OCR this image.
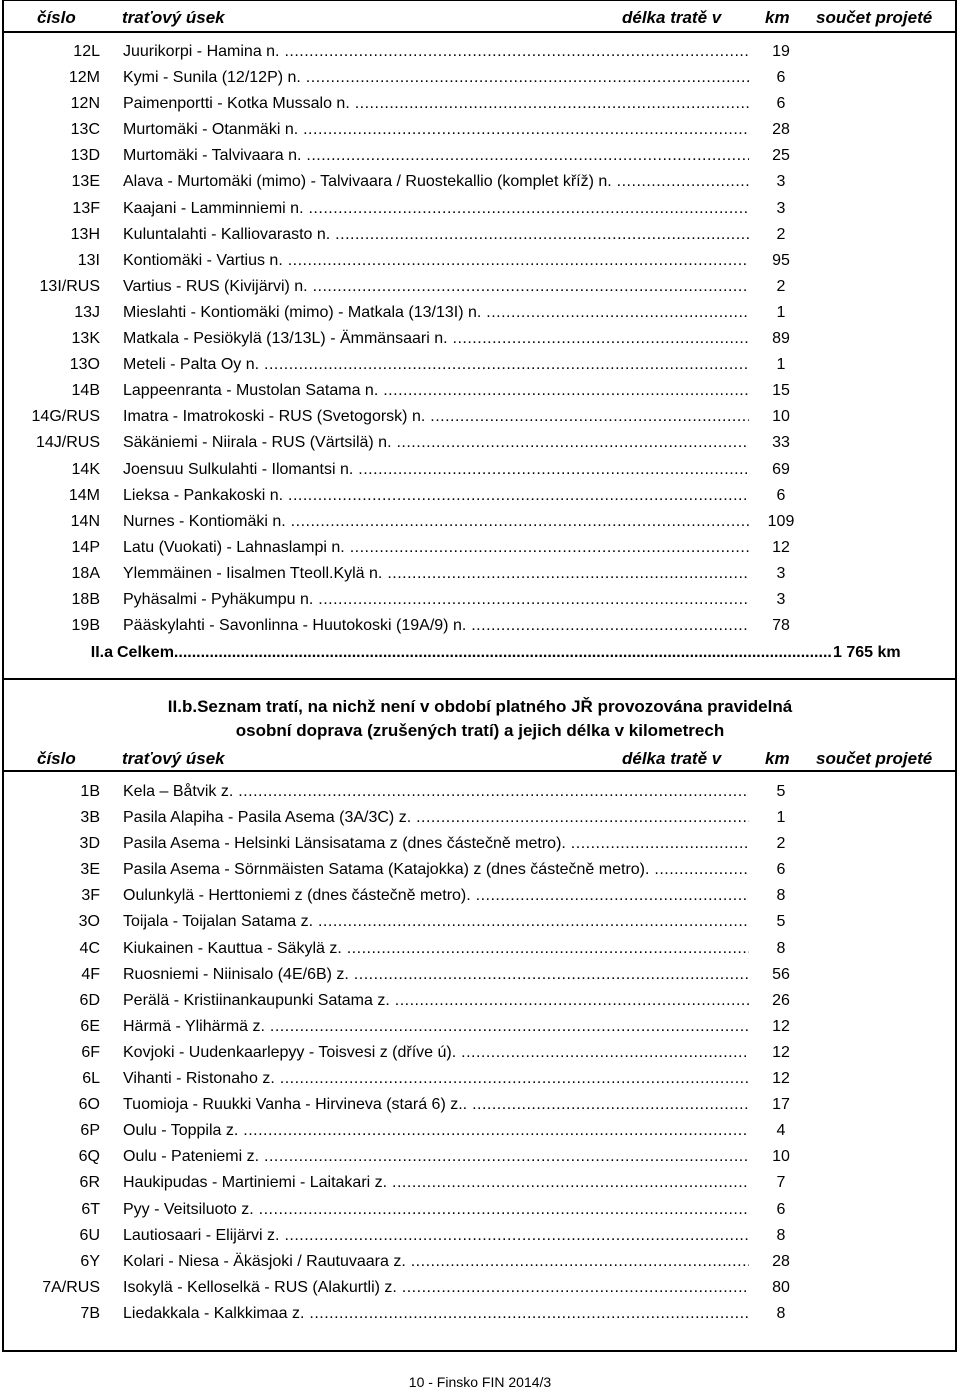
číslo	traťový úsek	délka tratě v	km součet projeté
12L Juurikorpi - Hamina n. .....	19
12M Kymi - Sunila (12/12P) n. .....	6
12N Paimenportti - Kotka Mussalo n. .....	6
13C Murtomäki - Otanmäki n. .....	28
13D Murtomäki - Talvivaara n. .....	25
13E Alava - Murtomäki (mimo) - Talvivaara / Ruostekallio (komplet kříž) n. .....	3
13F Kaajani - Lamminniemi n. .....	3
13H Kuluntalahti - Kalliovarasto n. .....	2
13I Kontiomäki - Vartius n. .....	95
13I/RUS Vartius - RUS (Kivijärvi) n. .....	2
13J Mieslahti - Kontiomäki (mimo) - Matkala (13/13I) n. .....	1
13K Matkala - Pesiökylä (13/13L) - Ämmänsaari n. .....	89
13O Meteli - Palta Oy n. .....	1
14B Lappeenranta - Mustolan Satama n. .....	15
14G/RUS Imatra - Imatrokoski - RUS (Svetogorsk) n. .....	10
14J/RUS Säkäniemi - Niirala - RUS (Värtsilä) n. .....	33
14K Joensuu Sulkulahti - Ilomantsi n. .....	69
14M Lieksa - Pankakoski n. .....	6
14N Nurnes - Kontiomäki n. .....	109
14P Latu (Vuokati) - Lahnaslampi n. .....	12
18A Ylemmäinen - Iisalmen Tteoll.Kylä n. .....	3
18B Pyhäsalmi - Pyhäkumpu n. .....	3
19B Pääskylahti - Savonlinna - Huutokoski (19A/9) n. .....	78
II.a Celkem .....	1 765 km
II.b.Seznam tratí, na nichž není v období platného JŘ provozována pravidelná
osobní doprava (zrušených tratí) a jejich délka v kilometrech
číslo	traťový úsek	délka tratě v	km součet projeté
1B Kela – Båtvik z. .....	5
3B Pasila Alapiha - Pasila Asema (3A/3C) z. .....	1
3D Pasila Asema - Helsinki Länsisatama z (dnes částečně metro). .....	2
3E Pasila Asema - Sörnmäisten Satama (Katajokka) z (dnes částečně metro). .....	6
3F Oulunkylä - Herttoniemi z (dnes částečně metro). .....	8
3O Toijala - Toijalan Satama z. .....	5
4C Kiukainen - Kauttua - Säkylä z. .....	8
4F Ruosniemi - Niinisalo (4E/6B) z. .....	56
6D Perälä - Kristiinankaupunki Satama z. .....	26
6E Härmä - Ylihärmä z. .....	12
6F Kovjoki - Uudenkaarlepyy - Toisvesi z (dříve ú). .....	12
6L Vihanti - Ristonaho z. .....	12
6O Tuomioja - Ruukki Vanha - Hirvineva (stará 6) z.. .....	17
6P Oulu - Toppila z. .....	4
6Q Oulu - Pateniemi z. .....	10
6R Haukipudas - Martiniemi - Laitakari z. .....	7
6T Pyy - Veitsiluoto z. .....	6
6U Lautiosaari - Elijärvi z. .....	8
6Y Kolari - Niesa - Äkäsjoki / Rautuvaara z. .....	28
7A/RUS Isokylä - Kelloselkä - RUS (Alakurtli) z. .....	80
7B Liedakkala - Kalkkimaa z. .....	8
10 - Finsko FIN 2014/3
